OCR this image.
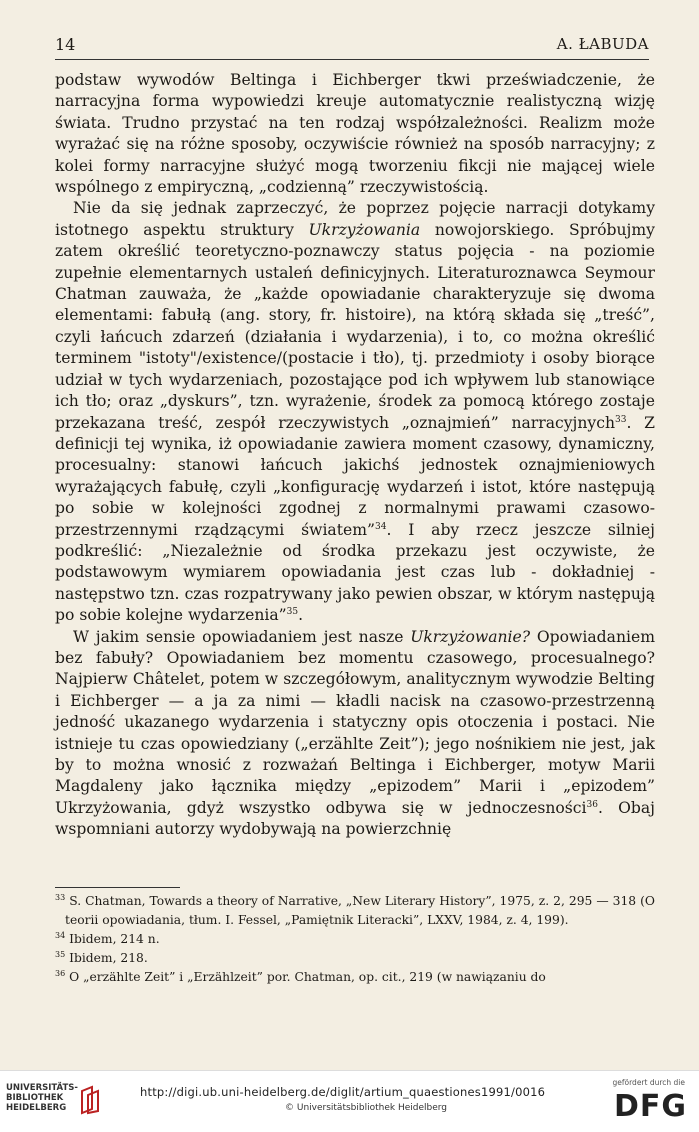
14	A. ŁABUDA

podstaw wywodów Beltinga i Eichberger tkwi przeświadczenie, że narracyjna forma wypowiedzi kreuje automatycznie realistyczną wizję świata. Trudno przystać na ten rodzaj współzależności. Realizm może wyrażać się na różne sposoby, oczywiście również na sposób narracyjny; z kolei formy narracyjne służyć mogą tworzeniu fikcji nie mającej wiele wspólnego z empiryczną, „codzienną” rzeczywistością.

Nie da się jednak zaprzeczyć, że poprzez pojęcie narracji dotykamy istotnego aspektu struktury Ukrzyżowania nowojorskiego. Spróbujmy zatem określić teoretyczno-poznawczy status pojęcia - na poziomie zupełnie elementarnych ustaleń definicyjnych. Literaturoznawca Seymour Chatman zauważa, że „każde opowiadanie charakteryzuje się dwoma elementami: fabułą (ang. story, fr. histoire), na którą składa się „treść”, czyli łańcuch zdarzeń (działania i wydarzenia), i to, co można określić terminem "istoty"/existence/(postacie i tło), tj. przedmioty i osoby biorące udział w tych wydarzeniach, pozostające pod ich wpływem lub stanowiące ich tło; oraz „dyskurs”, tzn. wyrażenie, środek za pomocą którego zostaje przekazana treść, zespół rzeczywistych „oznajmień” narracyjnych$^{33}$. Z definicji tej wynika, iż opowiadanie zawiera moment czasowy, dynamiczny, procesualny: stanowi łańcuch jakichś jednostek oznajmieniowych wyrażających fabułę, czyli „konfigurację wydarzeń i istot, które następują po sobie w kolejności zgodnej z normalnymi prawami czasowo-przestrzennymi rządzącymi światem”$^{34}$. I aby rzecz jeszcze silniej podkreślić: „Niezależnie od środka przekazu jest oczywiste, że podstawowym wymiarem opowiadania jest czas lub - dokładniej - następstwo tzn. czas rozpatrywany jako pewien obszar, w którym następują po sobie kolejne wydarzenia”$^{35}$.

W jakim sensie opowiadaniem jest nasze Ukrzyżowanie? Opowiadaniem bez fabuły? Opowiadaniem bez momentu czasowego, procesualnego? Najpierw Châtelet, potem w szczegółowym, analitycznym wywodzie Belting i Eichberger — a ja za nimi — kładli nacisk na czasowo-przestrzenną jedność ukazanego wydarzenia i statyczny opis otoczenia i postaci. Nie istnieje tu czas opowiedziany („erzählte Zeit”); jego nośnikiem nie jest, jak by to można wnosić z rozważań Beltinga i Eichberger, motyw Marii Magdaleny jako łącznika między „epizodem” Marii i „epizodem” Ukrzyżowania, gdyż wszystko odbywa się w jednoczesności$^{36}$. Obaj wspomniani autorzy wydobywają na powierzchnię

$^{33}$ S. Chatman, Towards a theory of Narrative, „New Literary History”, 1975, z. 2, 295 — 318 (O teorii opowiadania, tłum. I. Fessel, „Pamiętnik Literacki”, LXXV, 1984, z. 4, 199).

$^{34}$ Ibidem, 214 n.

$^{35}$ Ibidem, 218.

$^{36}$ O „erzählte Zeit” i „Erzählzeit” por. Chatman, op. cit., 219 (w nawiązaniu do

UNIVERSITÄTS-
BIBLIOTHEK
HEIDELBERG
http://digi.ub.uni-heidelberg.de/diglit/artium_quaestiones1991/0016
© Universitätsbibliothek Heidelberg
gefördert durch die
DFG
